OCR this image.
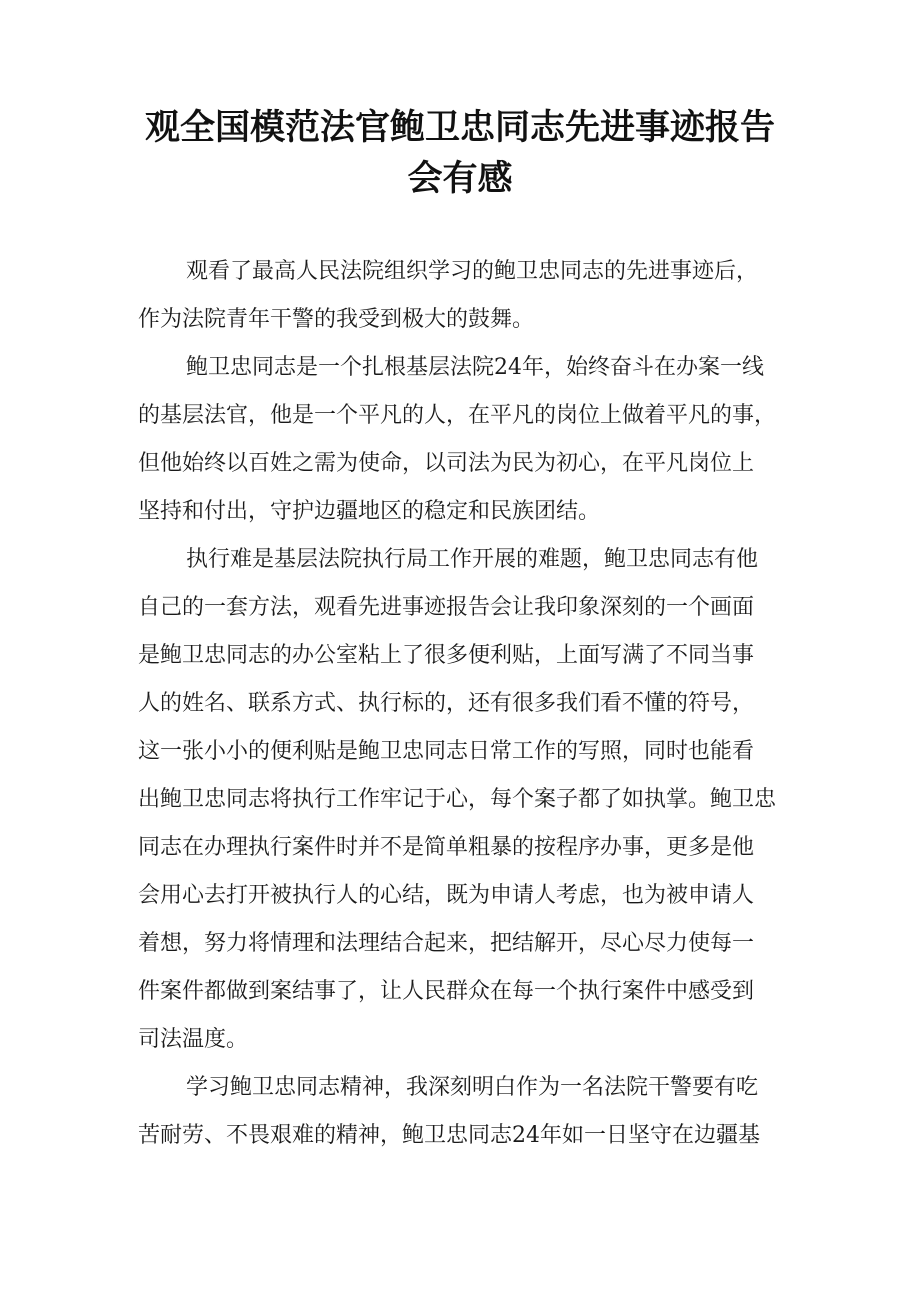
观全国模范法官鲍卫忠同志先进事迹报告
会有感

观看了最高人民法院组织学习的鲍卫忠同志的先进事迹后，

作为法院青年干警的我受到极大的鼓舞。

鲍卫忠同志是一个扎根基层法院24年，始终奋斗在办案一线

的基层法官，他是一个平凡的人，在平凡的岗位上做着平凡的事，

但他始终以百姓之需为使命，以司法为民为初心，在平凡岗位上

坚持和付出，守护边疆地区的稳定和民族团结。

执行难是基层法院执行局工作开展的难题，鲍卫忠同志有他

自己的一套方法，观看先进事迹报告会让我印象深刻的一个画面

是鲍卫忠同志的办公室粘上了很多便利贴，上面写满了不同当事

人的姓名、联系方式、执行标的，还有很多我们看不懂的符号，

这一张小小的便利贴是鲍卫忠同志日常工作的写照，同时也能看

出鲍卫忠同志将执行工作牢记于心，每个案子都了如执掌。鲍卫忠

同志在办理执行案件时并不是简单粗暴的按程序办事，更多是他

会用心去打开被执行人的心结，既为申请人考虑，也为被申请人

着想，努力将情理和法理结合起来，把结解开，尽心尽力使每一

件案件都做到案结事了，让人民群众在每一个执行案件中感受到

司法温度。

学习鲍卫忠同志精神，我深刻明白作为一名法院干警要有吃

苦耐劳、不畏艰难的精神，鲍卫忠同志24年如一日坚守在边疆基
